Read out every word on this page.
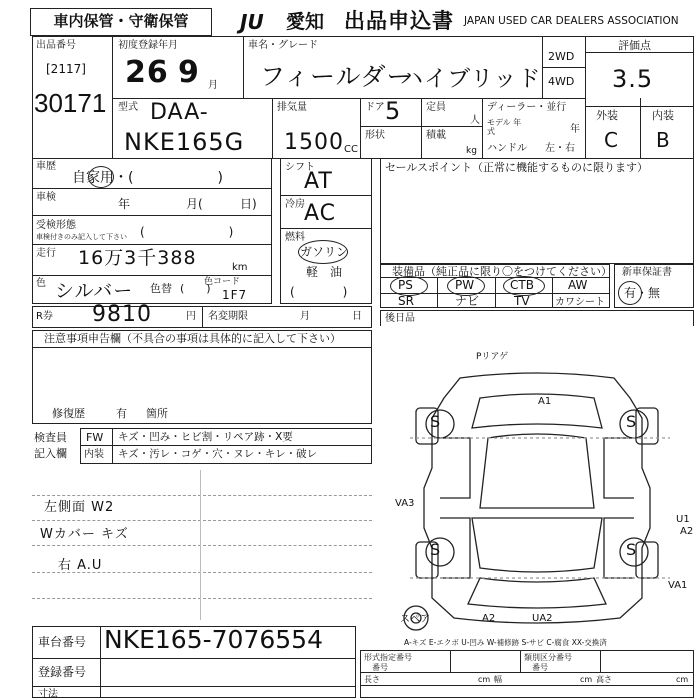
車内保管・守衛保管	JU	愛知 出品申込書 JAPAN USED CAR DEALERS ASSOCIATION
出品番号
[2117]
30171
初度登録年月
26 9 月
車名・グレード
フィールダー
ハイブリッド
2WD
4WD
評価点
3.5
外装	内装
C B
型式 DAA-
NKE165G
排気量
1500 CC
ドア 5
形状
定員
人
積載
kg
ディーラー・並行
モデル 年式	年
ハンドル 左・右
車歴
自家用・(　　　　　　)
車検	年	月(	日)
受検形態
車検付きのみ記入して下さい (　　　　　　　)
走行 16万3千388	km
色 シルバー 色替 (　　)
色コード
1F7
シフト
AT
冷房 AC
燃料
ガソリン
軽　油
(　　　　)
セールスポイント（正常に機能するものに限ります）
装備品（純正品に限り〇をつけてください）
PS	PW	CTB	AW
SR	ナビ	TV	カワシート
新車保証書
有・無
R券 9810	円 名変期限	月	日 後日品
注意事項申告欄（不具合の事項は具体的に記入して下さい）
修復歴	有 箇所
検査員
記入欄
FW キズ・凹み・ヒビ割・リペア跡・X要
内装 キズ・汚レ・コゲ・穴・ヌレ・キレ・破レ
左側面 W2
Wカバー キズ
右 A.U
車台番号 NKE165-7076554
登録番号
寸法
形式指定番号
番号
類別区分番号
番号
長さ	cm 幅	cm 高さ	cm
A-キズ E-エクボ U-凹み W-補修跡 S-サビ C-腐食 XX-交換済
S	S
S	S
Pリアゲ
A1
VA3
U1
A2
VA1
A2	UA2
スペア
